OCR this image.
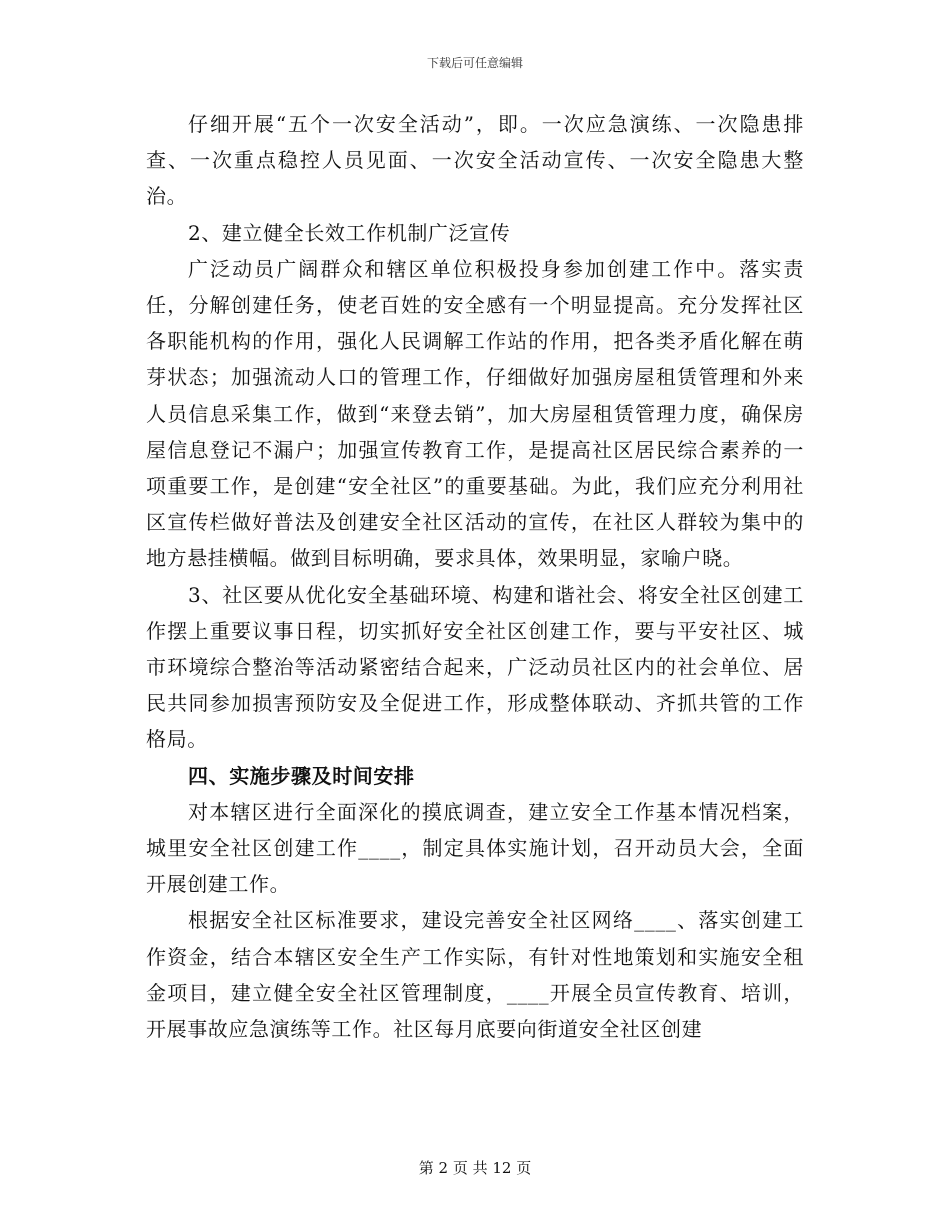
下载后可任意编辑

仔细开展“五个一次安全活动”，即。一次应急演练、一次隐患排查、一次重点稳控人员见面、一次安全活动宣传、一次安全隐患大整治。

2、建立健全长效工作机制广泛宣传

广泛动员广阔群众和辖区单位积极投身参加创建工作中。落实责任，分解创建任务，使老百姓的安全感有一个明显提高。充分发挥社区各职能机构的作用，强化人民调解工作站的作用，把各类矛盾化解在萌芽状态；加强流动人口的管理工作，仔细做好加强房屋租赁管理和外来人员信息采集工作，做到“来登去销”，加大房屋租赁管理力度，确保房屋信息登记不漏户；加强宣传教育工作，是提高社区居民综合素养的一项重要工作，是创建“安全社区”的重要基础。为此，我们应充分利用社区宣传栏做好普法及创建安全社区活动的宣传，在社区人群较为集中的地方悬挂横幅。做到目标明确，要求具体，效果明显，家喻户晓。

3、社区要从优化安全基础环境、构建和谐社会、将安全社区创建工作摆上重要议事日程，切实抓好安全社区创建工作，要与平安社区、城市环境综合整治等活动紧密结合起来，广泛动员社区内的社会单位、居民共同参加损害预防安及全促进工作，形成整体联动、齐抓共管的工作格局。

四、实施步骤及时间安排

对本辖区进行全面深化的摸底调查，建立安全工作基本情况档案，城里安全社区创建工作____，制定具体实施计划，召开动员大会，全面开展创建工作。

根据安全社区标准要求，建设完善安全社区网络____、落实创建工作资金，结合本辖区安全生产工作实际，有针对性地策划和实施安全租金项目，建立健全安全社区管理制度，____开展全员宣传教育、培训，开展事故应急演练等工作。社区每月底要向街道安全社区创建

第 2 页 共 12 页
